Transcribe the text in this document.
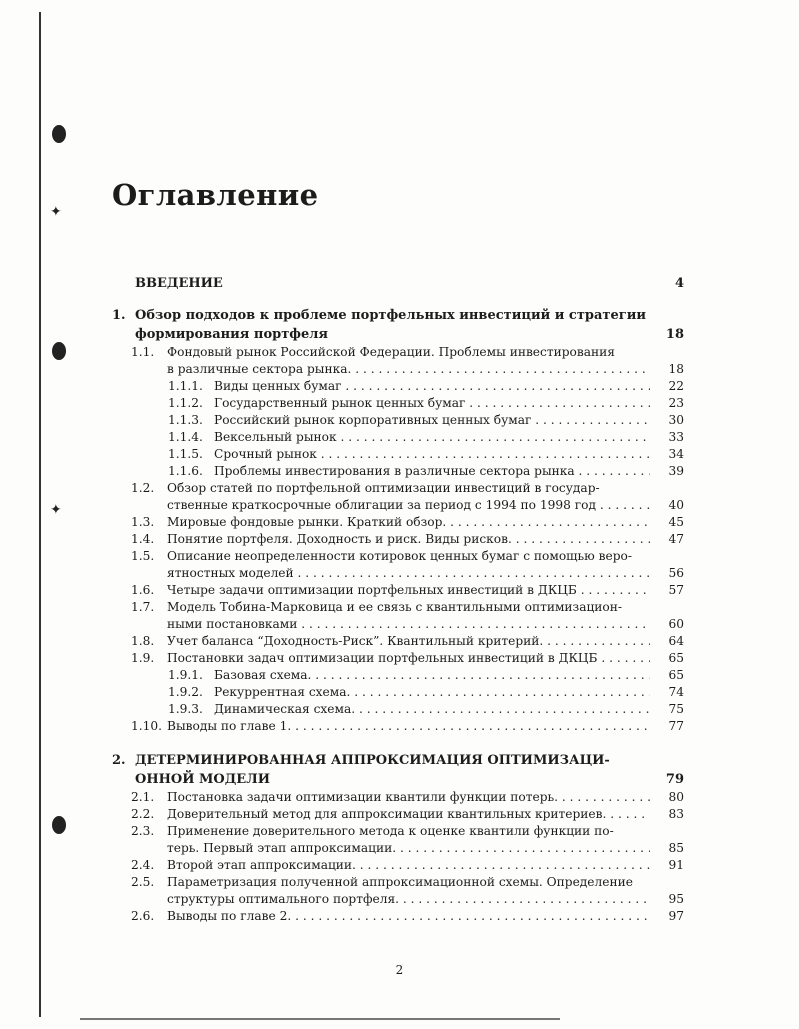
✦
✦
Оглавление
ВВЕДЕНИЕ	4
1. Обзор подходов к проблеме портфельных инвестиций и стратегии
формирования портфеля	18
1.1. Фондовый рынок Российской Федерации. Проблемы инвестирования
в различные сектора рынка. . . .	18
1.1.1. Виды ценных бумаг . . .	22
1.1.2. Государственный рынок ценных бумаг . . .	23
1.1.3. Российский рынок корпоративных ценных бумаг . . .	30
1.1.4. Вексельный рынок . . .	33
1.1.5. Срочный рынок . . .	34
1.1.6. Проблемы инвестирования в различные сектора рынка . . .	39
1.2. Обзор статей по портфельной оптимизации инвестиций в государ-
ственные краткосрочные облигации за период с 1994 по 1998 год . . .	40
1.3. Мировые фондовые рынки. Краткий обзор. . . .	45
1.4. Понятие портфеля. Доходность и риск. Виды рисков. . . .	47
1.5. Описание неопределенности котировок ценных бумаг с помощью веро-
ятностных моделей . . .	56
1.6. Четыре задачи оптимизации портфельных инвестиций в ДКЦБ . . .	57
1.7. Модель Тобина-Марковица и ее связь с квантильными оптимизацион-
ными постановками . . .	60
1.8. Учет баланса “Доходность-Риск”. Квантильный критерий. . . .	64
1.9. Постановки задач оптимизации портфельных инвестиций в ДКЦБ . . .	65
1.9.1. Базовая схема. . . .	65
1.9.2. Рекуррентная схема. . . .	74
1.9.3. Динамическая схема. . . .	75
1.10. Выводы по главе 1. . . .	77
2. ДЕТЕРМИНИРОВАННАЯ АППРОКСИМАЦИЯ ОПТИМИЗАЦИ-
ОННОЙ МОДЕЛИ	79
2.1. Постановка задачи оптимизации квантили функции потерь. . . .	80
2.2. Доверительный метод для аппроксимации квантильных критериев. . . .	83
2.3. Применение доверительного метода к оценке квантили функции по-
терь. Первый этап аппроксимации. . . .	85
2.4. Второй этап аппроксимации. . . .	91
2.5. Параметризация полученной аппроксимационной схемы. Определение
структуры оптимального портфеля. . . .	95
2.6. Выводы по главе 2. . . .	97
2
